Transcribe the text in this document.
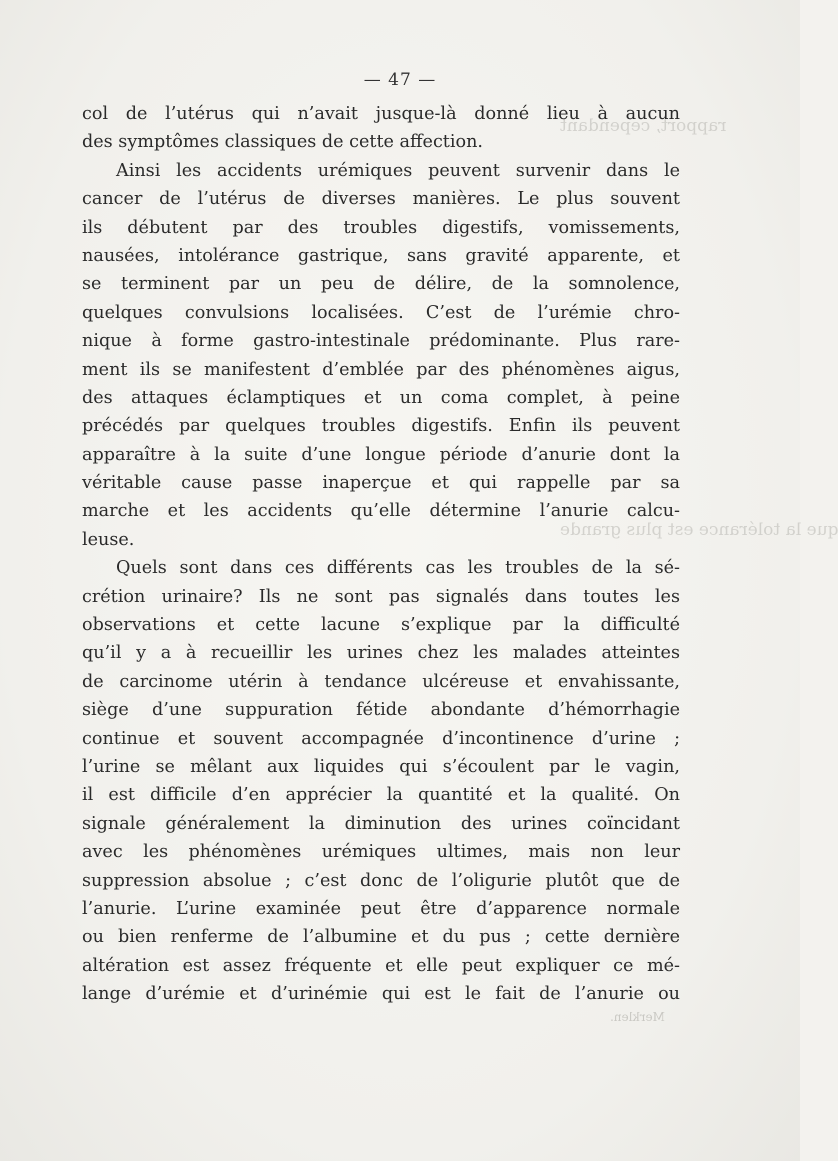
rapport, cependant
que la tolérance est plus grande
Merklen.
— 47 —
col de l’utérus qui n’avait jusque-là donné lieu à aucun
des symptômes classiques de cette affection.
Ainsi les accidents urémiques peuvent survenir dans le
cancer de l’utérus de diverses manières. Le plus souvent
ils débutent par des troubles digestifs, vomissements,
nausées, intolérance gastrique, sans gravité apparente, et
se terminent par un peu de délire, de la somnolence,
quelques convulsions localisées. C’est de l’urémie chro-
nique à forme gastro-intestinale prédominante. Plus rare-
ment ils se manifestent d’emblée par des phénomènes aigus,
des attaques éclamptiques et un coma complet, à peine
précédés par quelques troubles digestifs. Enfin ils peuvent
apparaître à la suite d’une longue période d’anurie dont la
véritable cause passe inaperçue et qui rappelle par sa
marche et les accidents qu’elle détermine l’anurie calcu-
leuse.
Quels sont dans ces différents cas les troubles de la sé-
crétion urinaire? Ils ne sont pas signalés dans toutes les
observations et cette lacune s’explique par la difficulté
qu’il y a à recueillir les urines chez les malades atteintes
de carcinome utérin à tendance ulcéreuse et envahissante,
siège d’une suppuration fétide abondante d’hémorrhagie
continue et souvent accompagnée d’incontinence d’urine ;
l’urine se mêlant aux liquides qui s’écoulent par le vagin,
il est difficile d’en apprécier la quantité et la qualité. On
signale généralement la diminution des urines coïncidant
avec les phénomènes urémiques ultimes, mais non leur
suppression absolue ; c’est donc de l’oligurie plutôt que de
l’anurie. L’urine examinée peut être d’apparence normale
ou bien renferme de l’albumine et du pus ; cette dernière
altération est assez fréquente et elle peut expliquer ce mé-
lange d’urémie et d’urinémie qui est le fait de l’anurie ou
